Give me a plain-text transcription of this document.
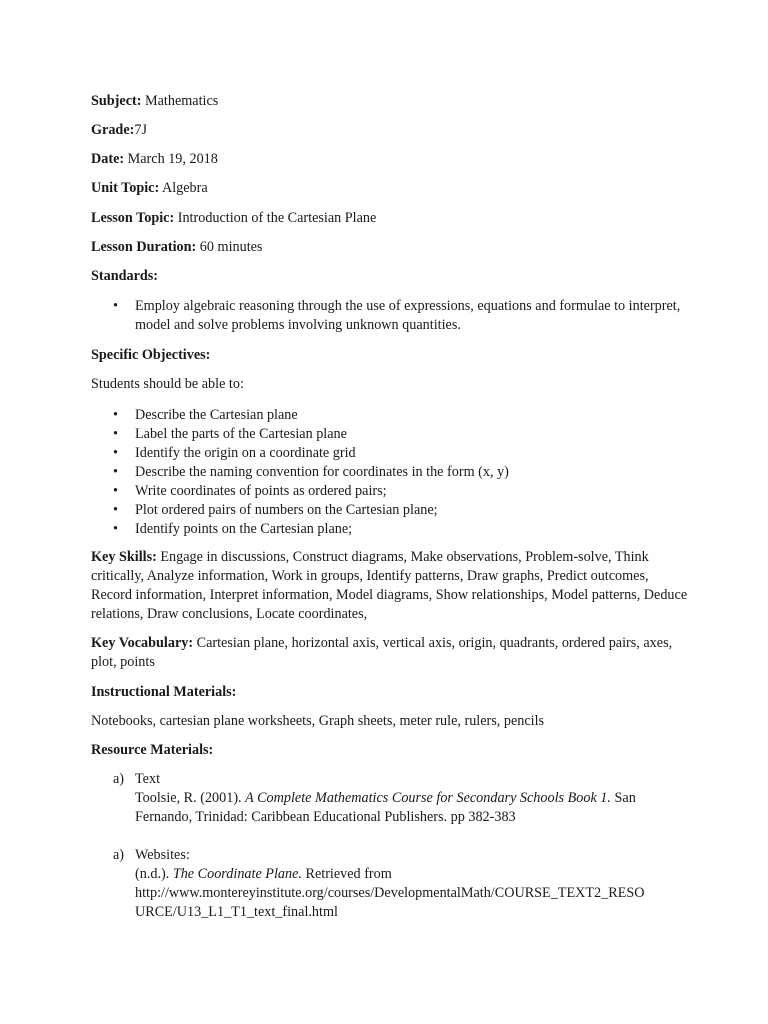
Subject: Mathematics
Grade:7J
Date: March 19, 2018
Unit Topic: Algebra
Lesson Topic: Introduction of the Cartesian Plane
Lesson Duration: 60 minutes
Standards:
• Employ algebraic reasoning through the use of expressions, equations and formulae to interpret, model and solve problems involving unknown quantities.
Specific Objectives:
Students should be able to:
• Describe the Cartesian plane
• Label the parts of the Cartesian plane
• Identify the origin on a coordinate grid
• Describe the naming convention for coordinates in the form (x, y)
• Write coordinates of points as ordered pairs;
• Plot ordered pairs of numbers on the Cartesian plane;
• Identify points on the Cartesian plane;
Key Skills: Engage in discussions, Construct diagrams, Make observations, Problem-solve, Think critically, Analyze information, Work in groups, Identify patterns, Draw graphs, Predict outcomes, Record information, Interpret information, Model diagrams, Show relationships, Model patterns, Deduce relations, Draw conclusions, Locate coordinates,
Key Vocabulary: Cartesian plane, horizontal axis, vertical axis, origin, quadrants, ordered pairs, axes, plot, points
Instructional Materials:
Notebooks, cartesian plane worksheets, Graph sheets, meter rule, rulers, pencils
Resource Materials:
a) Text
Toolsie, R. (2001). A Complete Mathematics Course for Secondary Schools Book 1. San
Fernando, Trinidad: Caribbean Educational Publishers. pp 382-383
a) Websites:
(n.d.). The Coordinate Plane. Retrieved from
http://www.montereyinstitute.org/courses/DevelopmentalMath/COURSE_TEXT2_RESO
URCE/U13_L1_T1_text_final.html
